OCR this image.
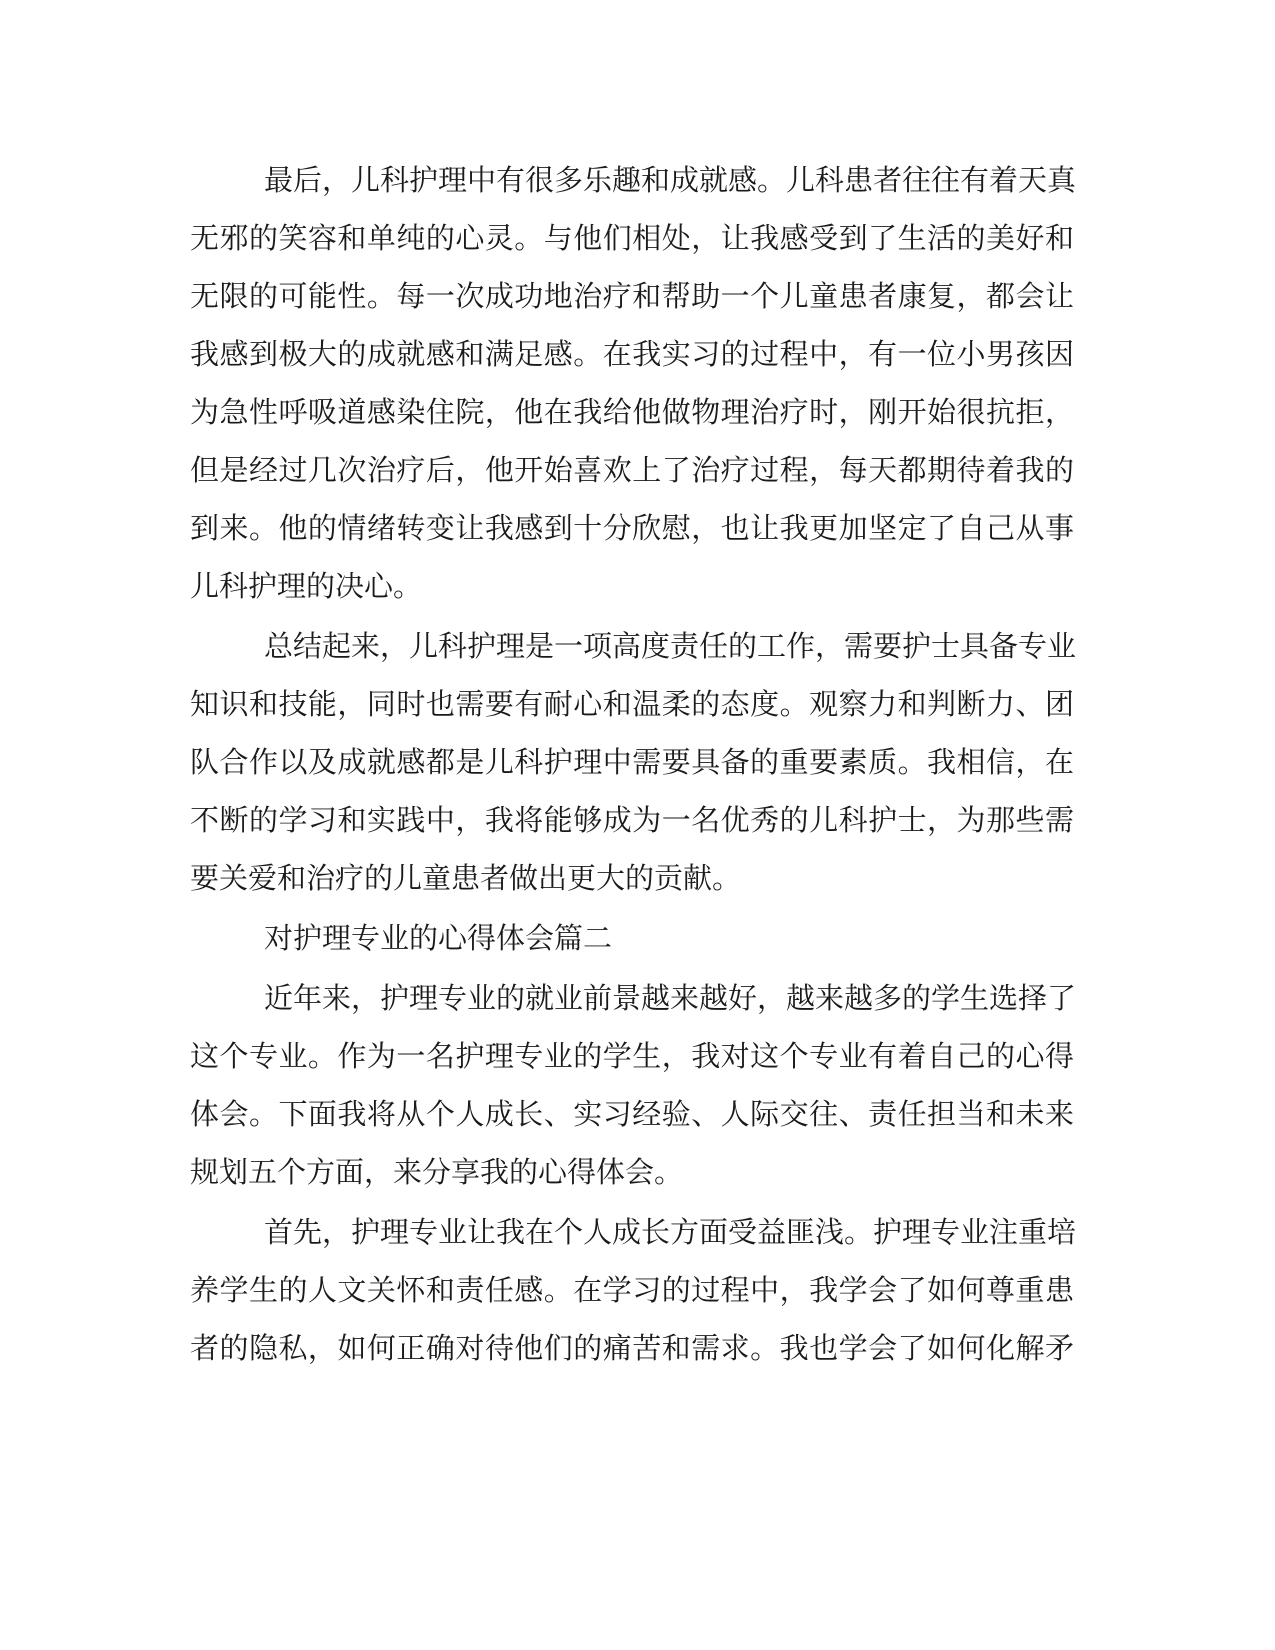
最后，儿科护理中有很多乐趣和成就感。儿科患者往往有着天真
无邪的笑容和单纯的心灵。与他们相处，让我感受到了生活的美好和
无限的可能性。每一次成功地治疗和帮助一个儿童患者康复，都会让
我感到极大的成就感和满足感。在我实习的过程中，有一位小男孩因
为急性呼吸道感染住院，他在我给他做物理治疗时，刚开始很抗拒，
但是经过几次治疗后，他开始喜欢上了治疗过程，每天都期待着我的
到来。他的情绪转变让我感到十分欣慰，也让我更加坚定了自己从事
儿科护理的决心。
总结起来，儿科护理是一项高度责任的工作，需要护士具备专业
知识和技能，同时也需要有耐心和温柔的态度。观察力和判断力、团
队合作以及成就感都是儿科护理中需要具备的重要素质。我相信，在
不断的学习和实践中，我将能够成为一名优秀的儿科护士，为那些需
要关爱和治疗的儿童患者做出更大的贡献。
对护理专业的心得体会篇二
近年来，护理专业的就业前景越来越好，越来越多的学生选择了
这个专业。作为一名护理专业的学生，我对这个专业有着自己的心得
体会。下面我将从个人成长、实习经验、人际交往、责任担当和未来
规划五个方面，来分享我的心得体会。
首先，护理专业让我在个人成长方面受益匪浅。护理专业注重培
养学生的人文关怀和责任感。在学习的过程中，我学会了如何尊重患
者的隐私，如何正确对待他们的痛苦和需求。我也学会了如何化解矛
